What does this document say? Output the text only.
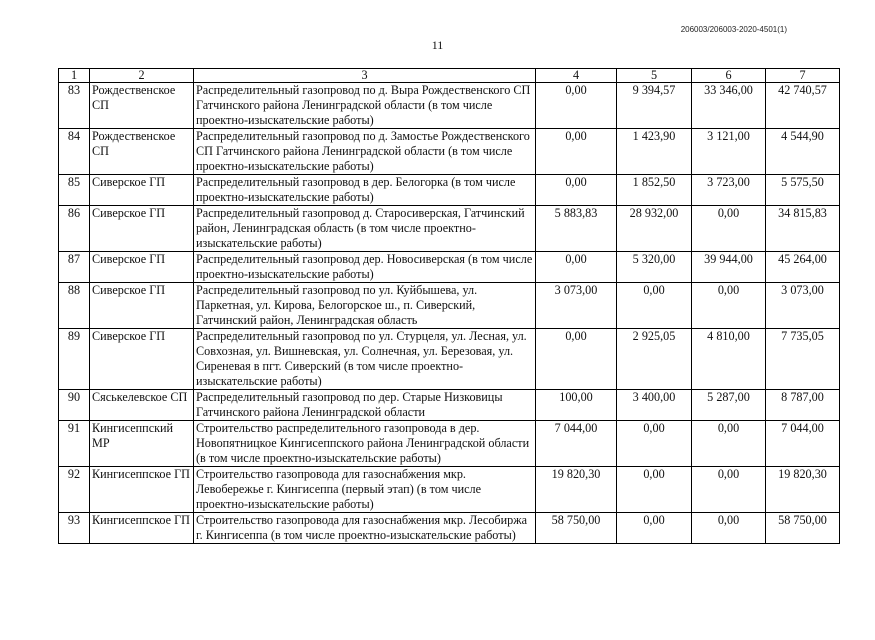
206003/206003-2020-4501(1)
11
1	2	3	4	5	6	7
83	Рождественское СП	Распределительный газопровод по д. Выра Рождественского СП Гатчинского района Ленинградской области (в том числе проектно-изыскательские работы)	0,00	9 394,57	33 346,00	42 740,57
84	Рождественское СП	Распределительный газопровод по д. Замостье Рождественского СП Гатчинского района Ленинградской области (в том числе проектно-изыскательские работы)	0,00	1 423,90	3 121,00	4 544,90
85	Сиверское ГП	Распределительный газопровод в дер. Белогорка (в том числе проектно-изыскательские работы)	0,00	1 852,50	3 723,00	5 575,50
86	Сиверское ГП	Распределительный газопровод д. Старосиверская, Гатчинский район, Ленинградская область (в том числе проектно-изыскательские работы)	5 883,83	28 932,00	0,00	34 815,83
87	Сиверское ГП	Распределительный газопровод дер. Новосиверская (в том числе проектно-изыскательские работы)	0,00	5 320,00	39 944,00	45 264,00
88	Сиверское ГП	Распределительный газопровод по ул. Куйбышева, ул. Паркетная, ул. Кирова, Белогорское ш., п. Сиверский, Гатчинский район, Ленинградская область	3 073,00	0,00	0,00	3 073,00
89	Сиверское ГП	Распределительный газопровод по ул. Стурцеля, ул. Лесная, ул. Совхозная, ул. Вишневская, ул. Солнечная, ул. Березовая, ул. Сиреневая в пгт. Сиверский (в том числе проектно-изыскательские работы)	0,00	2 925,05	4 810,00	7 735,05
90	Сяськелевское СП	Распределительный газопровод по дер. Старые Низковицы Гатчинского района Ленинградской области	100,00	3 400,00	5 287,00	8 787,00
91	Кингисеппский МР	Строительство распределительного газопровода в дер. Новопятницкое Кингисеппского района Ленинградской области (в том числе проектно-изыскательские работы)	7 044,00	0,00	0,00	7 044,00
92	Кингисеппское ГП	Строительство газопровода для газоснабжения мкр. Левобережье г. Кингисеппа (первый этап) (в том числе проектно-изыскательские работы)	19 820,30	0,00	0,00	19 820,30
93	Кингисеппское ГП	Строительство газопровода для газоснабжения мкр. Лесобиржа г. Кингисеппа (в том числе проектно-изыскательские работы)	58 750,00	0,00	0,00	58 750,00
